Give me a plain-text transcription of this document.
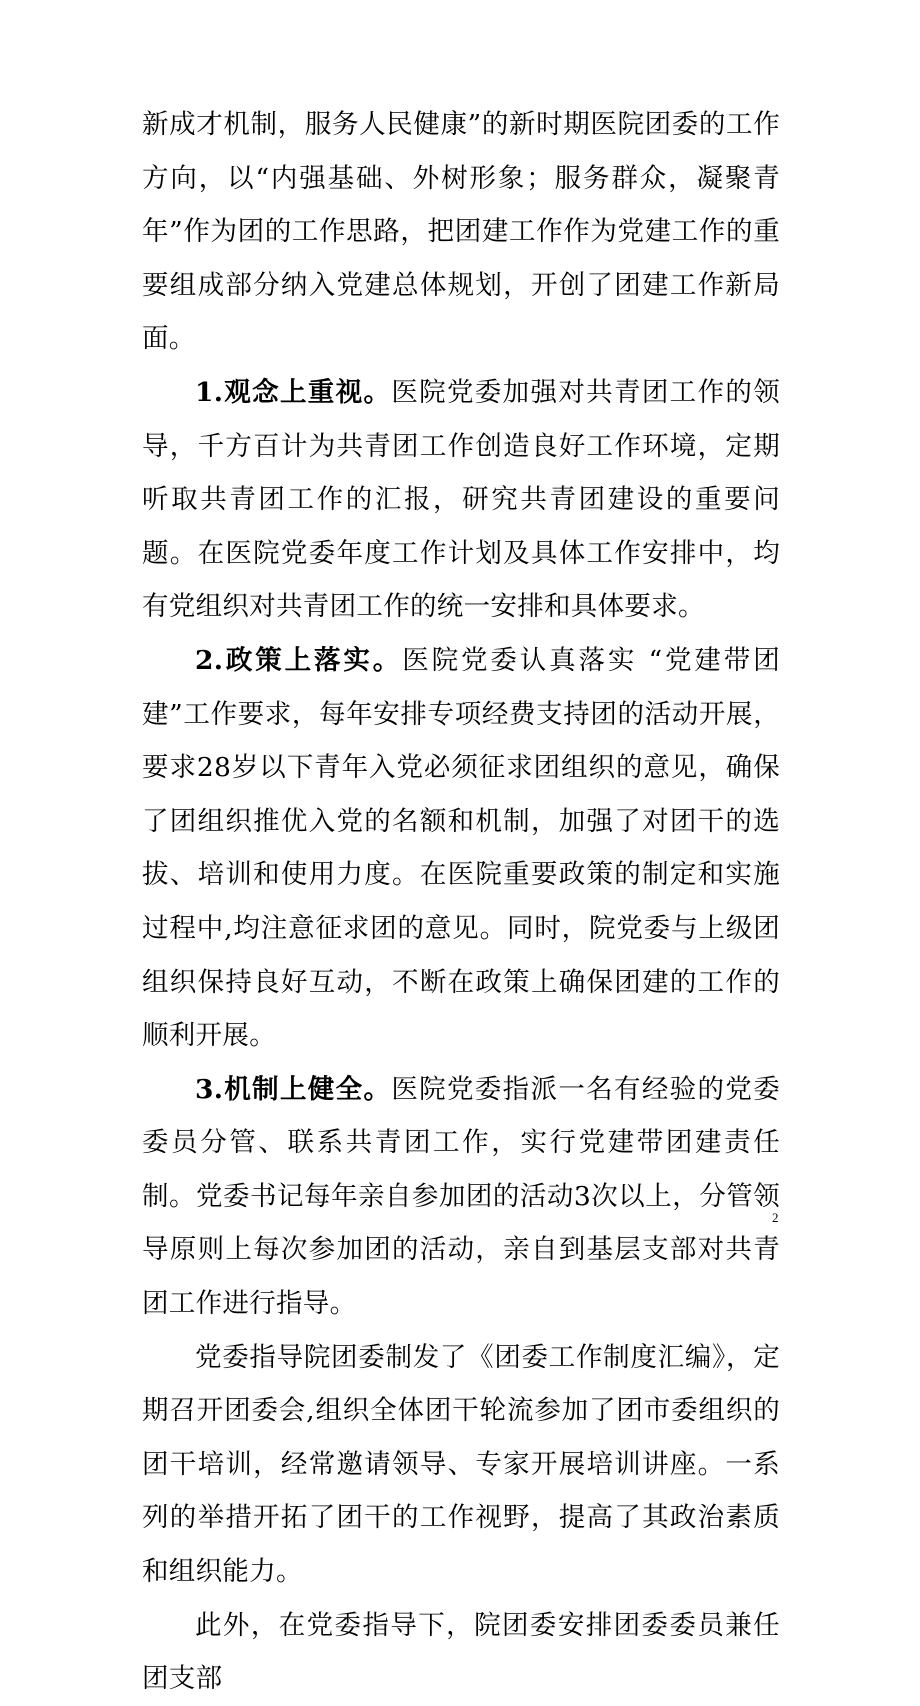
新成才机制，服务人民健康”的新时期医院团委的工作方向，以“内强基础、外树形象；服务群众，凝聚青年”作为团的工作思路，把团建工作作为党建工作的重要组成部分纳入党建总体规划，开创了团建工作新局面。

1.观念上重视。医院党委加强对共青团工作的领导，千方百计为共青团工作创造良好工作环境，定期听取共青团工作的汇报，研究共青团建设的重要问题。在医院党委年度工作计划及具体工作安排中，均有党组织对共青团工作的统一安排和具体要求。

2.政策上落实。医院党委认真落实 “党建带团建”工作要求，每年安排专项经费支持团的活动开展，要求28岁以下青年入党必须征求团组织的意见，确保了团组织推优入党的名额和机制，加强了对团干的选拔、培训和使用力度。在医院重要政策的制定和实施过程中,均注意征求团的意见。同时，院党委与上级团组织保持良好互动，不断在政策上确保团建的工作的顺利开展。

3.机制上健全。医院党委指派一名有经验的党委委员分管、联系共青团工作，实行党建带团建责任制。党委书记每年亲自参加团的活动3次以上，分管领导原则上每次参加团的活动，亲自到基层支部对共青团工作进行指导。

党委指导院团委制发了《团委工作制度汇编》，定期召开团委会,组织全体团干轮流参加了团市委组织的团干培训，经常邀请领导、专家开展培训讲座。一系列的举措开拓了团干的工作视野，提高了其政治素质和组织能力。

此外，在党委指导下，院团委安排团委委员兼任团支部

2
